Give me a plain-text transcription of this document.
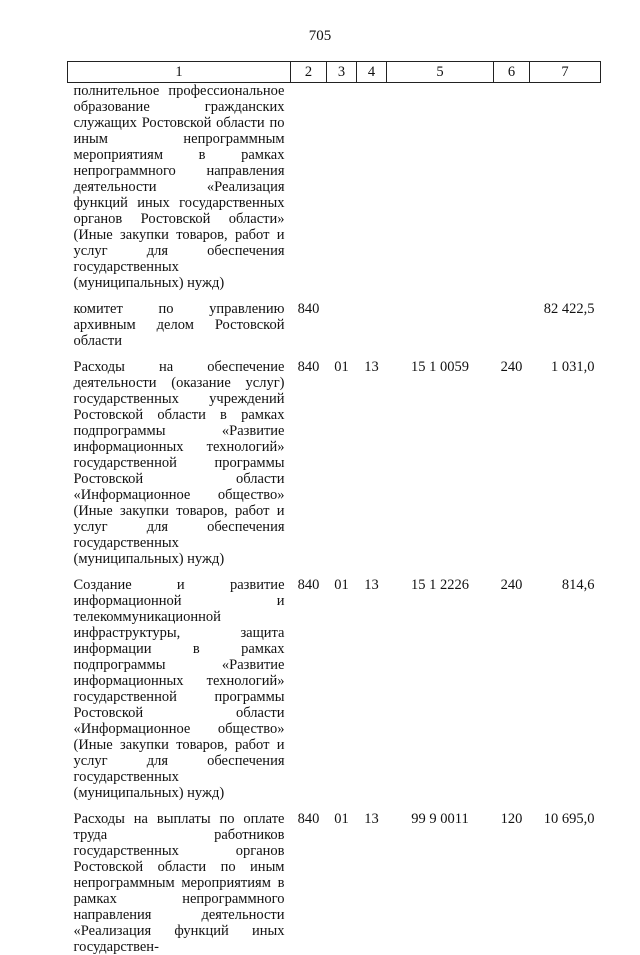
705
1	2	3	4	5	6	7
полнительное профессиональное образование гражданских служащих Ростовской области по иным непрограммным мероприятиям в рамках непрограммного направления деятельности «Реализация функций иных государственных органов Ростовской области» (Иные закупки товаров, работ и услуг для обеспечения государственных (муниципальных) нужд)						
комитет по управлению архивным делом Ростовской области	840					82 422,5
Расходы на обеспечение деятельности (оказание услуг) государственных учреждений Ростовской области в рамках подпрограммы «Развитие информационных технологий» государственной программы Ростовской области «Информационное общество» (Иные закупки товаров, работ и услуг для обеспечения государственных (муниципальных) нужд)	840	01	13	15 1 0059	240	1 031,0
Создание и развитие информационной и телекоммуникационной инфраструктуры, защита информации в рамках подпрограммы «Развитие информационных технологий» государственной программы Ростовской области «Информационное общество» (Иные закупки товаров, работ и услуг для обеспечения государственных (муниципальных) нужд)	840	01	13	15 1 2226	240	814,6
Расходы на выплаты по оплате труда работников государственных органов Ростовской области по иным непрограммным мероприятиям в рамках непрограммного направления деятельности «Реализация функций иных государствен-	840	01	13	99 9 0011	120	10 695,0
